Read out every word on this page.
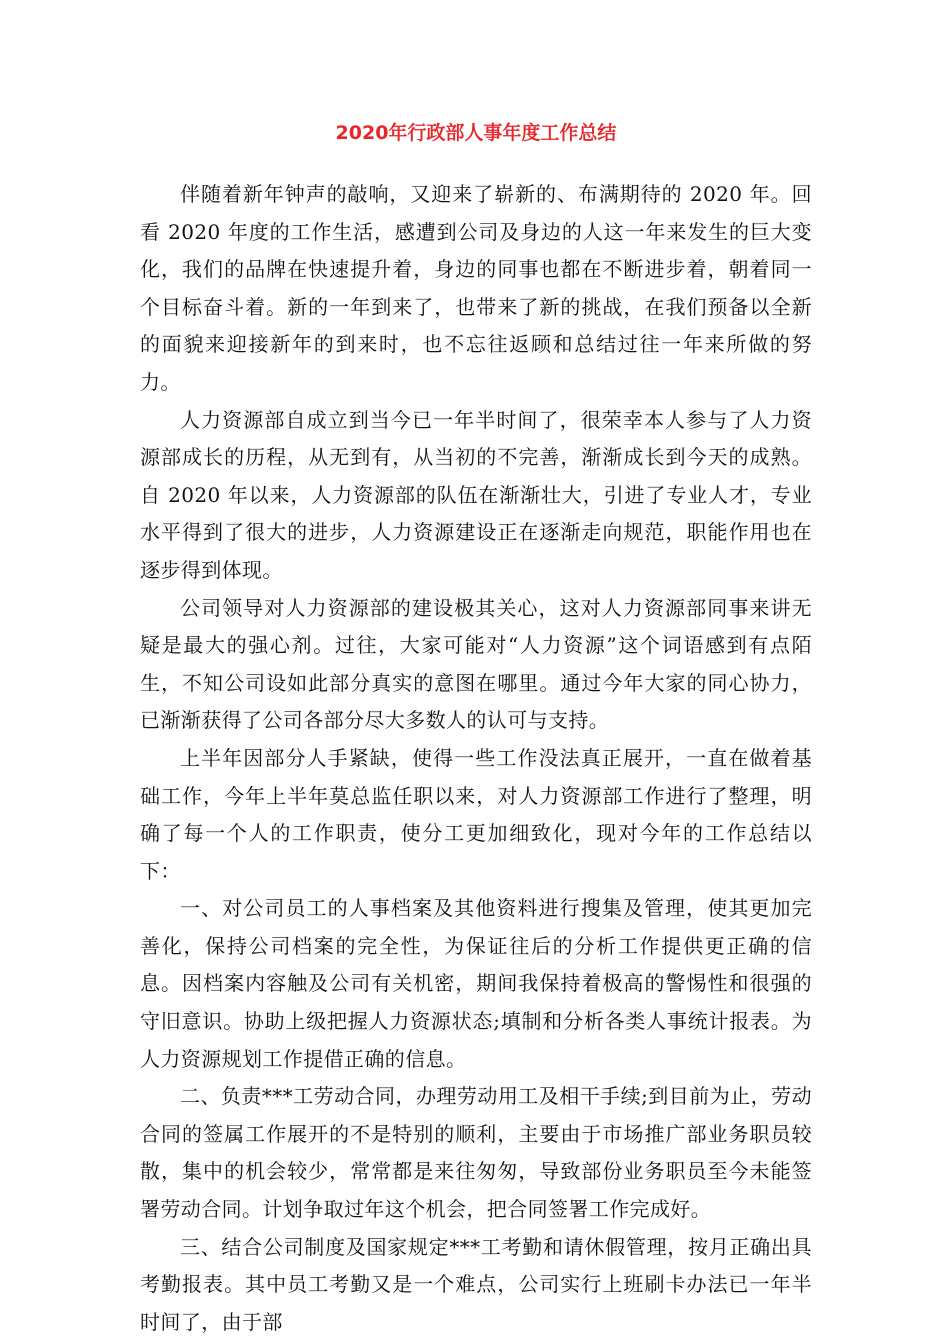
2020年行政部人事年度工作总结

伴随着新年钟声的敲响，又迎来了崭新的、布满期待的 2020 年。回看 2020 年度的工作生活，感遭到公司及身边的人这一年来发生的巨大变化，我们的品牌在快速提升着，身边的同事也都在不断进步着，朝着同一个目标奋斗着。新的一年到来了，也带来了新的挑战，在我们预备以全新的面貌来迎接新年的到来时，也不忘往返顾和总结过往一年来所做的努力。

人力资源部自成立到当今已一年半时间了，很荣幸本人参与了人力资源部成长的历程，从无到有，从当初的不完善，渐渐成长到今天的成熟。自 2020 年以来，人力资源部的队伍在渐渐壮大，引进了专业人才，专业水平得到了很大的进步，人力资源建设正在逐渐走向规范，职能作用也在逐步得到体现。

公司领导对人力资源部的建设极其关心，这对人力资源部同事来讲无疑是最大的强心剂。过往，大家可能对“人力资源”这个词语感到有点陌生，不知公司设如此部分真实的意图在哪里。通过今年大家的同心协力，已渐渐获得了公司各部分尽大多数人的认可与支持。

上半年因部分人手紧缺，使得一些工作没法真正展开，一直在做着基础工作，今年上半年莫总监任职以来，对人力资源部工作进行了整理，明确了每一个人的工作职责，使分工更加细致化，现对今年的工作总结以下：

一、对公司员工的人事档案及其他资料进行搜集及管理，使其更加完善化，保持公司档案的完全性，为保证往后的分析工作提供更正确的信息。因档案内容触及公司有关机密，期间我保持着极高的警惕性和很强的守旧意识。协助上级把握人力资源状态;填制和分析各类人事统计报表。为人力资源规划工作提借正确的信息。

二、负责***工劳动合同，办理劳动用工及相干手续;到目前为止，劳动合同的签属工作展开的不是特别的顺利，主要由于市场推广部业务职员较散，集中的机会较少，常常都是来往匆匆，导致部份业务职员至今未能签署劳动合同。计划争取过年这个机会，把合同签署工作完成好。

三、结合公司制度及国家规定***工考勤和请休假管理，按月正确出具考勤报表。其中员工考勤又是一个难点，公司实行上班刷卡办法已一年半时间了，由于部
